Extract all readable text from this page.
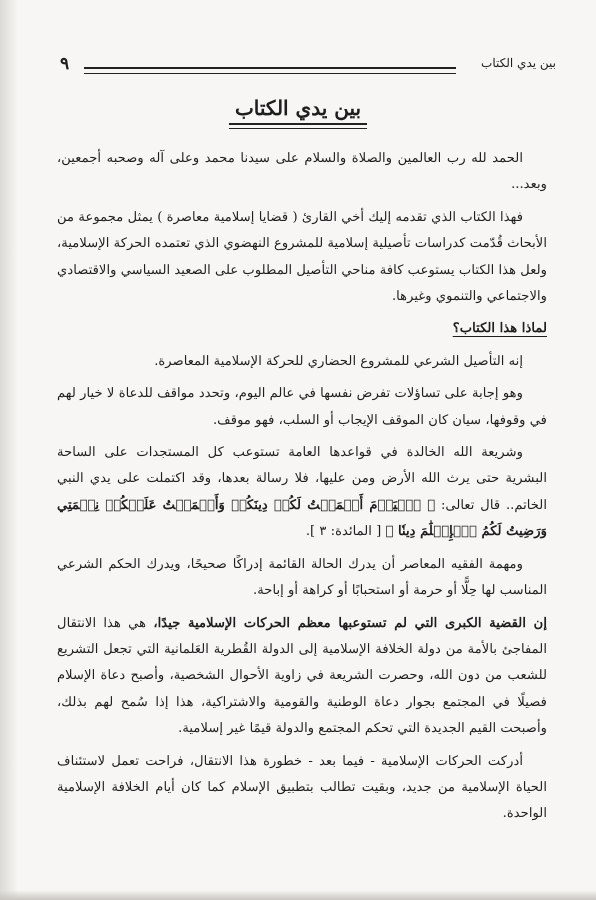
٩	بين يدي الكتاب
بين يدي الكتاب

الحمد لله رب العالمين والصلاة والسلام على سيدنا محمد وعلى آله وصحبه أجمعين، وبعد...

فهذا الكتاب الذي تقدمه إليك أخي القارئ ( قضايا إسلامية معاصرة ) يمثل مجموعة من الأبحاث قُدّمت كدراسات تأصيلية إسلامية للمشروع النهضوي الذي تعتمده الحركة الإسلامية، ولعل هذا الكتاب يستوعب كافة مناحي التأصيل المطلوب على الصعيد السياسي والاقتصادي والاجتماعي والتنموي وغيرها.

لماذا هذا الكتاب؟

إنه التأصيل الشرعي للمشروع الحضاري للحركة الإسلامية المعاصرة.

وهو إجابة على تساؤلات تفرض نفسها في عالم اليوم، وتحدد مواقف للدعاة لا خيار لهم في وقوفها، سيان كان الموقف الإيجاب أو السلب، فهو موقف.

وشريعة الله الخالدة في قواعدها العامة تستوعب كل المستجدات على الساحة البشرية حتى يرث الله الأرض ومن عليها، فلا رسالة بعدها، وقد اكتملت على يدي النبي الخاتم.. قال تعالى: ﴿ ٱلۡيَوۡمَ أَكۡمَلۡتُ لَكُمۡ دِينَكُمۡ وَأَتۡمَمۡتُ عَلَيۡكُمۡ نِعۡمَتِي وَرَضِيتُ لَكُمُ ٱلۡإِسۡلَٰمَ دِينٗا ﴾ [ المائدة: ٣ ].

ومهمة الفقيه المعاصر أن يدرك الحالة القائمة إدراكًا صحيحًا، ويدرك الحكم الشرعي المناسب لها حِلًّا أو حرمة أو استحبابًا أو كراهة أو إباحة.

إن القضية الكبرى التي لم تستوعبها معظم الحركات الإسلامية جيدًا، هي هذا الانتقال المفاجئ بالأمة من دولة الخلافة الإسلامية إلى الدولة القُطرية العَلمانية التي تجعل التشريع للشعب من دون الله، وحصرت الشريعة في زاوية الأحوال الشخصية، وأصبح دعاة الإسلام فصيلًا في المجتمع بجوار دعاة الوطنية والقومية والاشتراكية، هذا إذا سُمح لهم بذلك، وأصبحت القيم الجديدة التي تحكم المجتمع والدولة قيمًا غير إسلامية.

أدركت الحركات الإسلامية - فيما بعد - خطورة هذا الانتقال، فراحت تعمل لاستئناف الحياة الإسلامية من جديد، وبقيت تطالب بتطبيق الإسلام كما كان أيام الخلافة الإسلامية الواحدة.
